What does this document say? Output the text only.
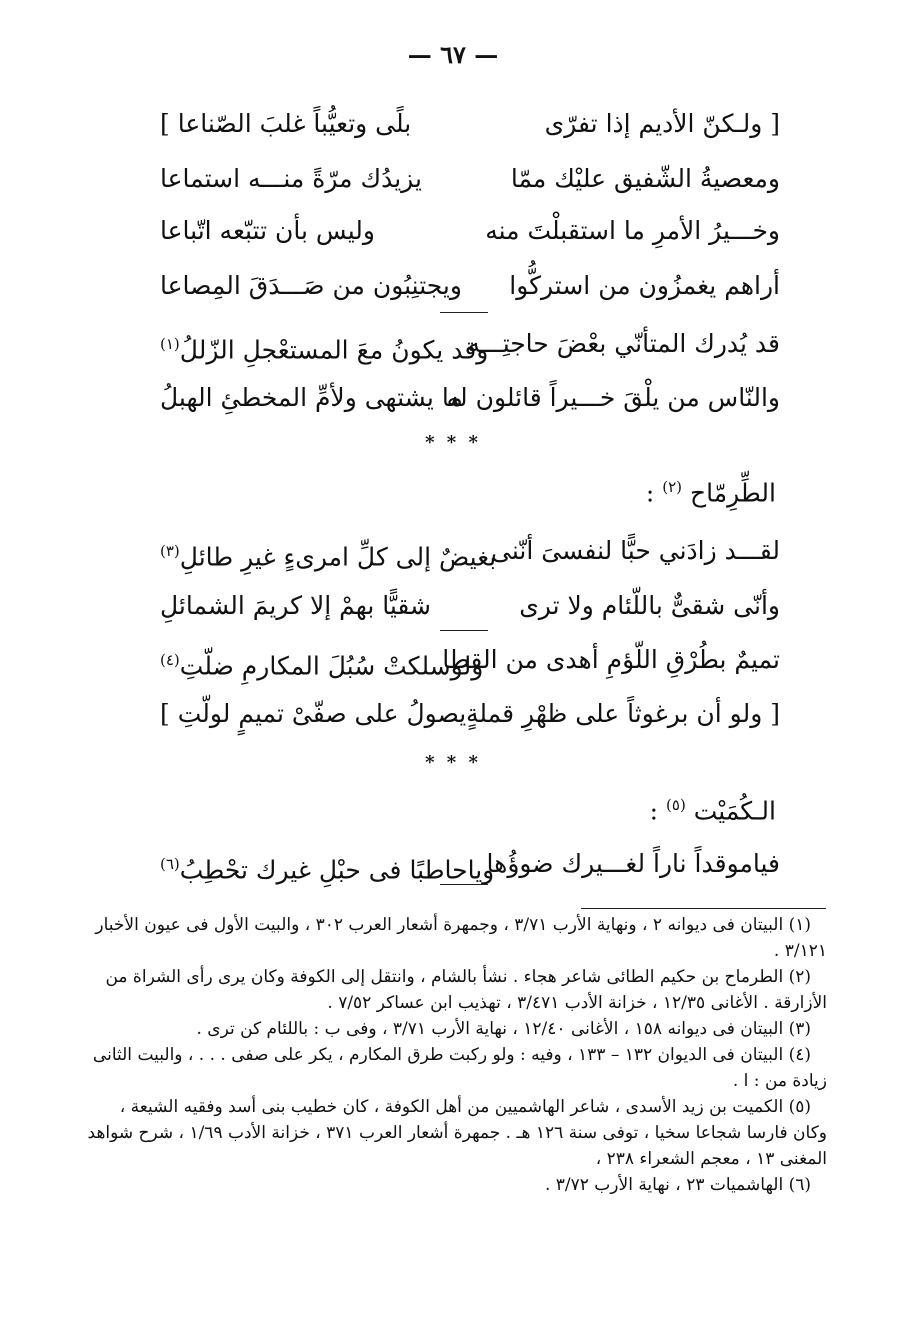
— ٦٧ —
[ ولـكنّ الأديم إذا تفرّى
بلًى وتعيُّباً غلبَ الصّناعا ]
ومعصيةُ الشّفيق عليْك ممّا
يزيدُك مرّةً منـــه استماعا
وخـــيرُ الأمرِ ما استقبلْتَ منه
وليس بأن تتبّعه اتّباعا
أراهم يغمزُون من استركُّوا
ويجتنِبُون من صَـــدَقَ المِصاعا
قد يُدرك المتأنّي بعْضَ حاجتِـــه
وقد يكونُ معَ المستعْجلِ الزّللُ$^{(١)}$
والنّاس من يلْقَ خـــيراً قائلون له
ما يشتهى ولأمِّ المخطئِ الهبلُ
* * *
الطِّرِمّاح $^{(٢)}$ :
لقـــد زادَني حبًّا لنفسىَ أنّنى
بغيضٌ إلى كلِّ امرىءٍ غيرِ طائلِ$^{(٣)}$
وأنّى شقىٌّ باللّئام ولا ترى
شقيًّا بهمْ إلا كريمَ الشمائلِ
تميمٌ بطُرْقِ اللّؤمِ أهدى من القطا
ولوسلكتْ سُبُلَ المكارمِ ضلّتِ$^{(٤)}$
[ ولو أن برغوثاً على ظهْرِ قملةٍ
يصولُ على صفّىْ تميمٍ لولّتِ ]
* * *
الـكُمَيْت $^{(٥)}$ :
فياموقداً ناراً لغـــيرك ضوؤُها
وياحاطبًا فى حبْلِ غيرك تحْطِبُ$^{(٦)}$

(١) البيتان فى ديوانه ٢ ، ونهاية الأرب ٣/٧١ ، وجمهرة أشعار العرب ٣٠٢ ، والبيت الأول فى عيون الأخبار ٣/١٢١ .

(٢) الطرماح بن حكيم الطائى شاعر هجاء . نشأ بالشام ، وانتقل إلى الكوفة وكان يرى رأى الشراة من الأزارقة . الأغانى ١٢/٣٥ ، خزانة الأدب ٣/٤٧١ ، تهذيب ابن عساكر ٧/٥٢ .

(٣) البيتان فى ديوانه ١٥٨ ، الأغانى ١٢/٤٠ ، نهاية الأرب ٣/٧١ ، وفى ب : باللئام كن ترى .

(٤) البيتان فى الديوان ١٣٢ – ١٣٣ ، وفيه : ولو ركبت طرق المكارم ، يكر على صفى . . . ، والبيت الثانى زيادة من : ا .

(٥) الكميت بن زيد الأسدى ، شاعر الهاشميين من أهل الكوفة ، كان خطيب بنى أسد وفقيه الشيعة ، وكان فارسا شجاعا سخيا ، توفى سنة ١٢٦ هـ . جمهرة أشعار العرب ٣٧١ ، خزانة الأدب ١/٦٩ ، شرح شواهد المغنى ١٣ ، معجم الشعراء ٢٣٨ ،

(٦) الهاشميات ٢٣ ، نهاية الأرب ٣/٧٢ .
